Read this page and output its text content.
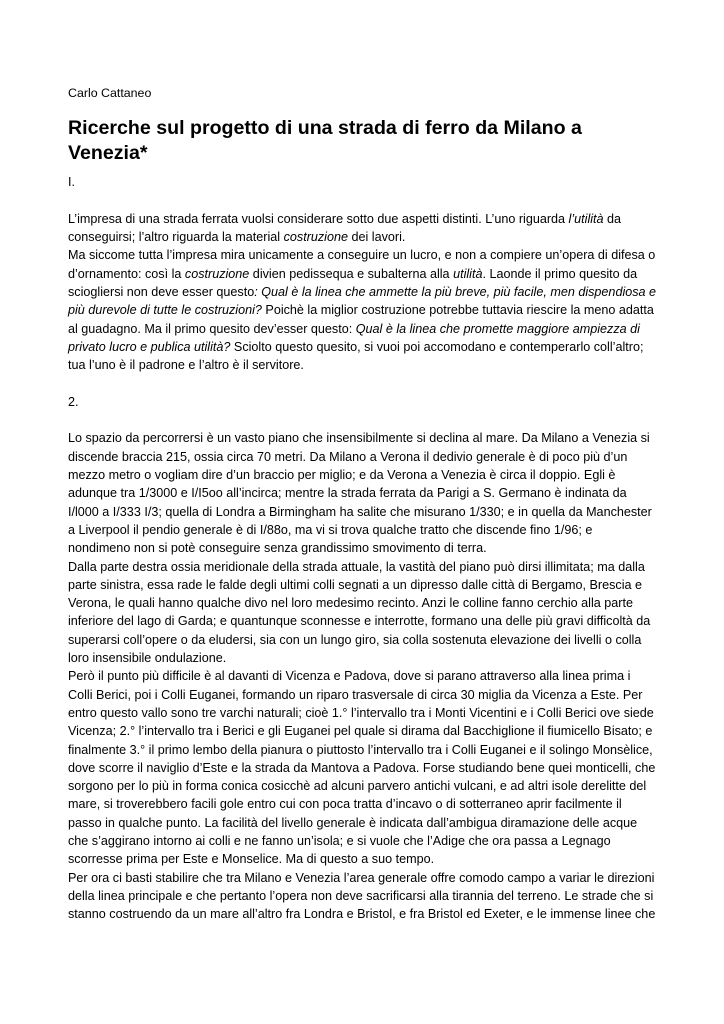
Carlo Cattaneo
Ricerche sul progetto di una strada di ferro da Milano a Venezia*
I.

L’impresa di una strada ferrata vuolsi considerare sotto due aspetti distinti. L’uno riguarda l’utilità da conseguirsi; l’altro riguarda la material costruzione dei lavori.

Ma siccome tutta l’impresa mira unicamente a conseguire un lucro, e non a compiere un’opera di difesa o d’ornamento: così la costruzione divien pedissequa e subalterna alla utilità. Laonde il primo quesito da sciogliersi non deve esser questo: Qual è la linea che ammette la più breve, più facile, men dispendiosa e più durevole di tutte le costruzioni? Poichè la miglior costruzione potrebbe tuttavia riescire la meno adatta al guadagno. Ma il primo quesito dev’esser questo: Qual è la linea che promette maggiore ampiezza di privato lucro e publica utilità? Sciolto questo quesito, si vuoi poi accomodano e contemperarlo coll’altro; tua l’uno è il padrone e l’altro è il servitore.

2.

Lo spazio da percorrersi è un vasto piano che insensibilmente si declina al mare. Da Milano a Venezia si discende braccia 215, ossia circa 70 metri. Da Milano a Verona il dedivio generale è di poco più d’un mezzo metro o vogliam dire d’un braccio per miglio; e da Verona a Venezia è circa il doppio. Egli è adunque tra 1/3000 e I/I5oo all’incirca; mentre la strada ferrata da Parigi a S. Germano è indinata da I/l000 a I/333 I/3; quella di Londra a Birmingham ha salite che misurano 1/330; e in quella da Manchester a Liverpool il pendio generale è di I/88o, ma vi si trova qualche tratto che discende fino 1/96; e nondimeno non si potè conseguire senza grandissimo smovimento di terra.

Dalla parte destra ossia meridionale della strada attuale, la vastità del piano può dirsi illimitata; ma dalla parte sinistra, essa rade le falde degli ultimi colli segnati a un dipresso dalle città di Bergamo, Brescia e Verona, le quali hanno qualche divo nel loro medesimo recinto. Anzi le colline fanno cerchio alla parte inferiore del lago di Garda; e quantunque sconnesse e interrotte, formano una delle più gravi difficoltà da superarsi coll’opere o da eludersi, sia con un lungo giro, sia colla sostenuta elevazione dei livelli o colla loro insensibile ondulazione.

Però il punto più difficile è al davanti di Vicenza e Padova, dove si parano attraverso alla linea prima i Colli Berici, poi i Colli Euganei, formando un riparo trasversale di circa 30 miglia da Vicenza a Este. Per entro questo vallo sono tre varchi naturali; cioè 1.° l’intervallo tra i Monti Vicentini e i Colli Berici ove siede Vicenza; 2.° l’intervallo tra i Berici e gli Euganei pel quale si dirama dal Bacchiglione il fiumicello Bisato; e finalmente 3.° il primo lembo della pianura o piuttosto l’intervallo tra i Colli Euganei e il solingo Monsèlice, dove scorre il naviglio d’Este e la strada da Mantova a Padova. Forse studiando bene quei monticelli, che sorgono per lo più in forma conica cosicchè ad alcuni parvero antichi vulcani, e ad altri isole derelitte del mare, si troverebbero facili gole entro cui con poca tratta d’incavo o di sotterraneo aprir facilmente il passo in qualche punto. La facilità del livello generale è indicata dall’ambigua diramazione delle acque che s’aggirano intorno ai colli e ne fanno un’isola; e si vuole che l’Adige che ora passa a Legnago scorresse prima per Este e Monselice. Ma di questo a suo tempo.

Per ora ci basti stabilire che tra Milano e Venezia l’area generale offre comodo campo a variar le direzioni della linea principale e che pertanto l’opera non deve sacrificarsi alla tirannia del terreno. Le strade che si stanno costruendo da un mare all’altro fra Londra e Bristol, e fra Bristol ed Exeter, e le immense linee che
